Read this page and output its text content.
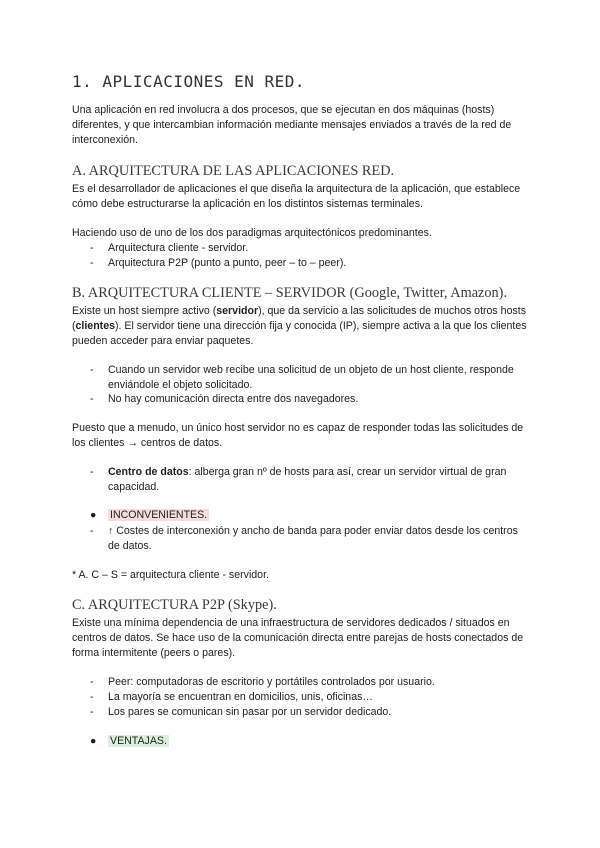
1. APLICACIONES EN RED.
Una aplicación en red involucra a dos procesos, que se ejecutan en dos máquinas (hosts) diferentes, y que intercambian información mediante mensajes enviados a través de la red de interconexión.
A. ARQUITECTURA DE LAS APLICACIONES RED.
Es el desarrollador de aplicaciones el que diseña la arquitectura de la aplicación, que establece cómo debe estructurarse la aplicación en los distintos sistemas terminales.
Haciendo uso de uno de los dos paradigmas arquitectónicos predominantes.
- Arquitectura cliente - servidor.
- Arquitectura P2P (punto a punto, peer – to – peer).
B. ARQUITECTURA CLIENTE – SERVIDOR (Google, Twitter, Amazon).
Existe un host siempre activo (servidor), que da servicio a las solicitudes de muchos otros hosts (clientes). El servidor tiene una dirección fija y conocida (IP), siempre activa a la que los clientes pueden acceder para enviar paquetes.
- Cuando un servidor web recibe una solicitud de un objeto de un host cliente, responde enviándole el objeto solicitado.
- No hay comunicación directa entre dos navegadores.
Puesto que a menudo, un único host servidor no es capaz de responder todas las solicitudes de los clientes → centros de datos.
- Centro de datos: alberga gran nº de hosts para así, crear un servidor virtual de gran capacidad.
● INCONVENIENTES.
- ↑ Costes de interconexión y ancho de banda para poder enviar datos desde los centros de datos.
* A. C – S = arquitectura cliente - servidor.
C. ARQUITECTURA P2P (Skype).
Existe una mínima dependencia de una infraestructura de servidores dedicados / situados en centros de datos. Se hace uso de la comunicación directa entre parejas de hosts conectados de forma intermitente (peers o pares).
- Peer: computadoras de escritorio y portátiles controlados por usuario.
- La mayoría se encuentran en domicilios, unis, oficinas…
- Los pares se comunican sin pasar por un servidor dedicado.
● VENTAJAS.
